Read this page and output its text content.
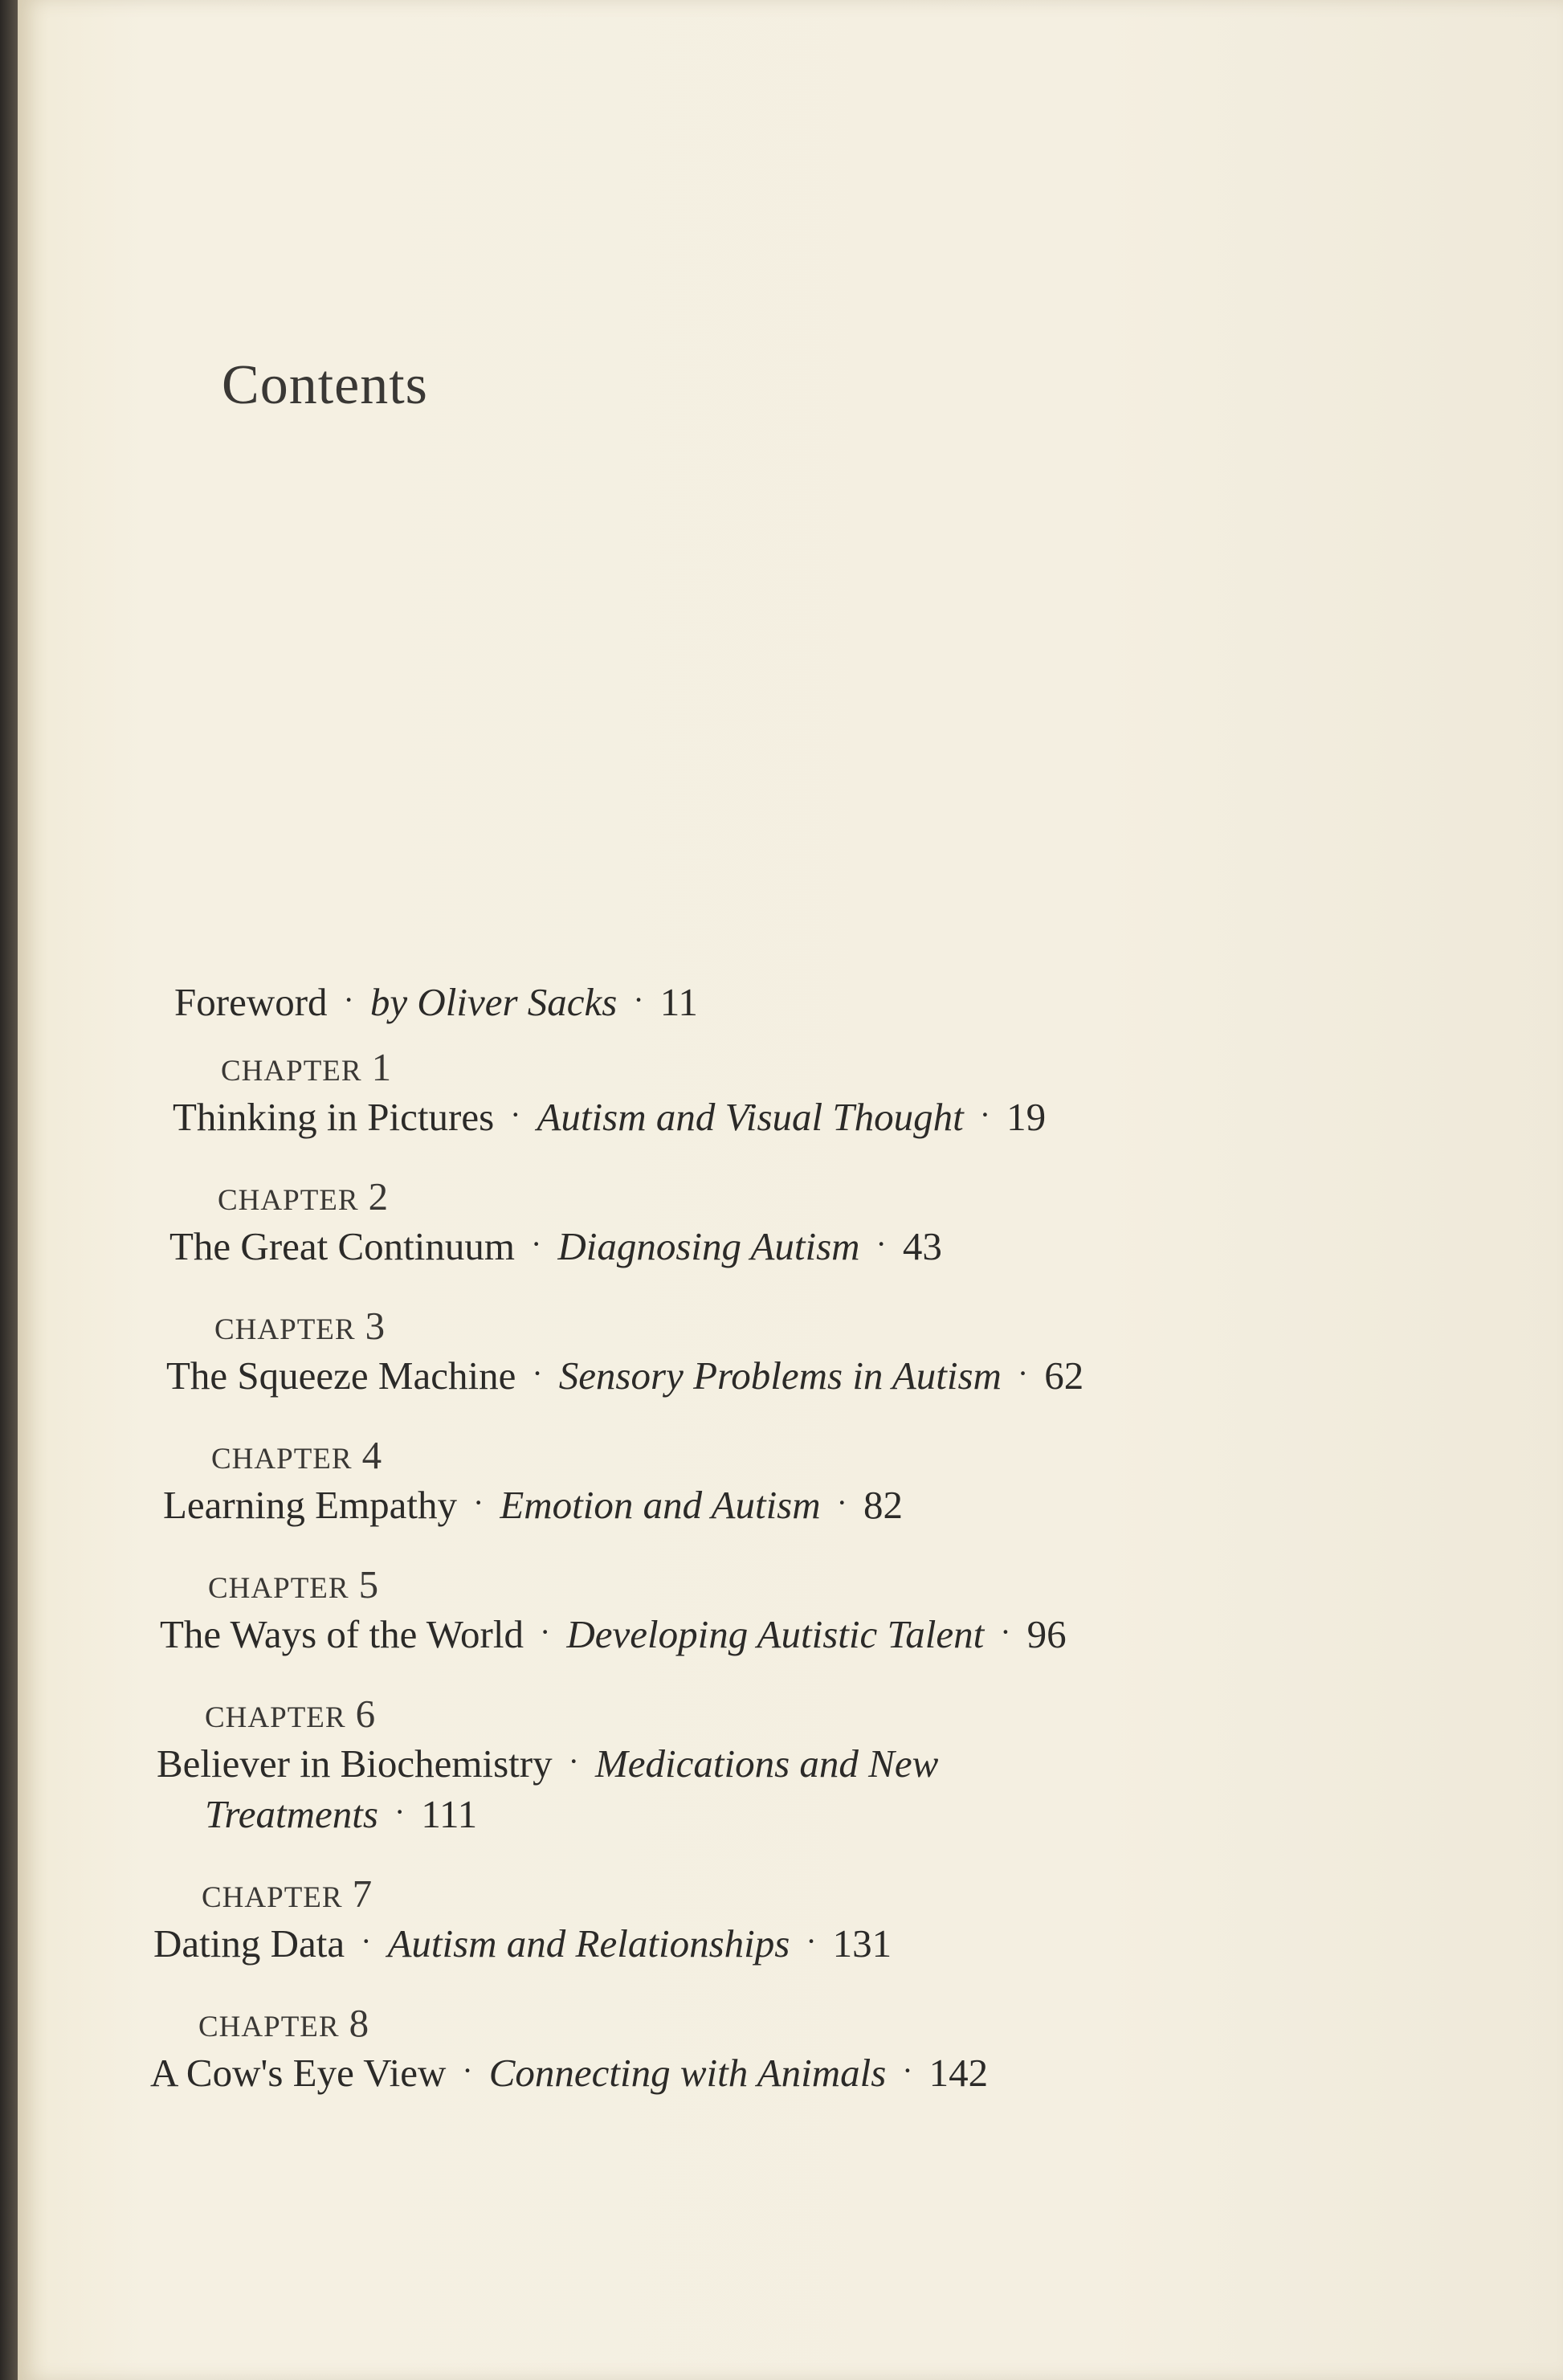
Contents
Foreword · by Oliver Sacks · 11
CHAPTER 1
Thinking in Pictures · Autism and Visual Thought · 19
CHAPTER 2
The Great Continuum · Diagnosing Autism · 43
CHAPTER 3
The Squeeze Machine · Sensory Problems in Autism · 62
CHAPTER 4
Learning Empathy · Emotion and Autism · 82
CHAPTER 5
The Ways of the World · Developing Autistic Talent · 96
CHAPTER 6
Believer in Biochemistry · Medications and New
Treatments · 111
CHAPTER 7
Dating Data · Autism and Relationships · 131
CHAPTER 8
A Cow's Eye View · Connecting with Animals · 142
